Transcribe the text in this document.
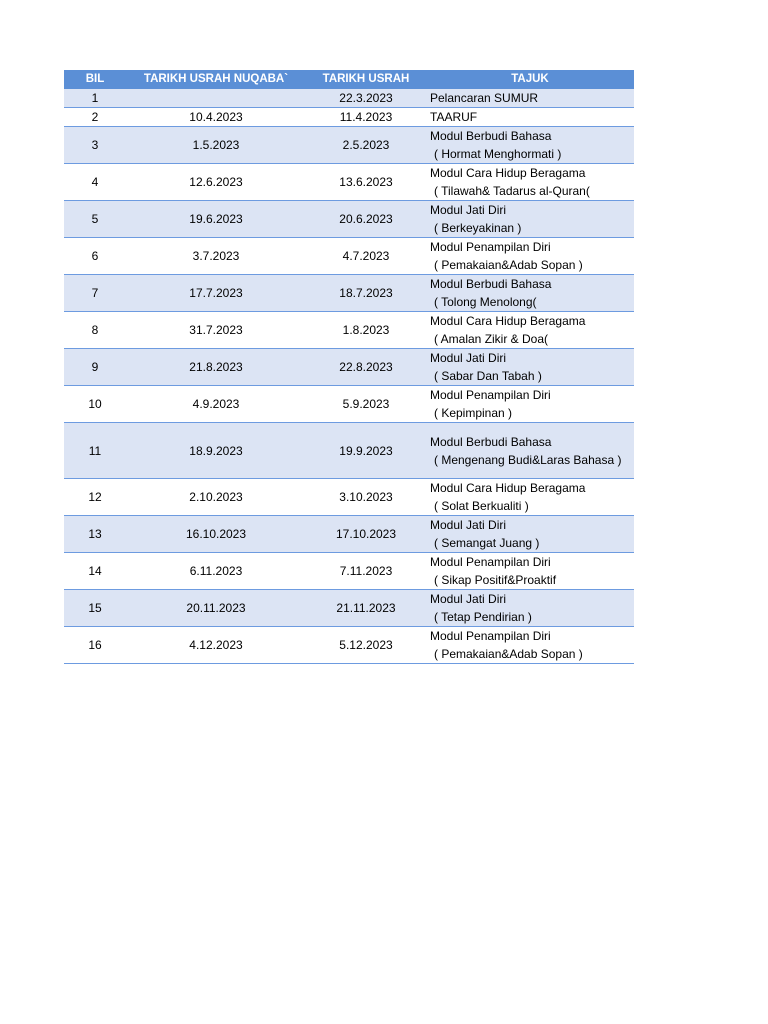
BIL	TARIKH USRAH NUQABA`	TARIKH USRAH	TAJUK
1		22.3.2023	Pelancaran SUMUR

2	10.4.2023	11.4.2023	TAARUF

3	1.5.2023	2.5.2023	Modul Berbudi Bahasa
( Hormat Menghormati )

4	12.6.2023	13.6.2023	Modul Cara Hidup Beragama
( Tilawah& Tadarus al-Quran(

5	19.6.2023	20.6.2023	Modul Jati Diri
( Berkeyakinan )

6	3.7.2023	4.7.2023	Modul Penampilan Diri
( Pemakaian&Adab Sopan )

7	17.7.2023	18.7.2023	Modul Berbudi Bahasa
( Tolong Menolong(

8	31.7.2023	1.8.2023	Modul Cara Hidup Beragama
( Amalan Zikir & Doa(

9	21.8.2023	22.8.2023	Modul Jati Diri
( Sabar Dan Tabah )

10	4.9.2023	5.9.2023	Modul Penampilan Diri
( Kepimpinan )

11	18.9.2023	19.9.2023	Modul Berbudi Bahasa
( Mengenang Budi&Laras Bahasa )

12	2.10.2023	3.10.2023	Modul Cara Hidup Beragama
( Solat Berkualiti )

13	16.10.2023	17.10.2023	Modul Jati Diri
( Semangat Juang )

14	6.11.2023	7.11.2023	Modul Penampilan Diri
( Sikap Positif&Proaktif

15	20.11.2023	21.11.2023	Modul Jati Diri
( Tetap Pendirian )

16	4.12.2023	5.12.2023	Modul Penampilan Diri
( Pemakaian&Adab Sopan )
